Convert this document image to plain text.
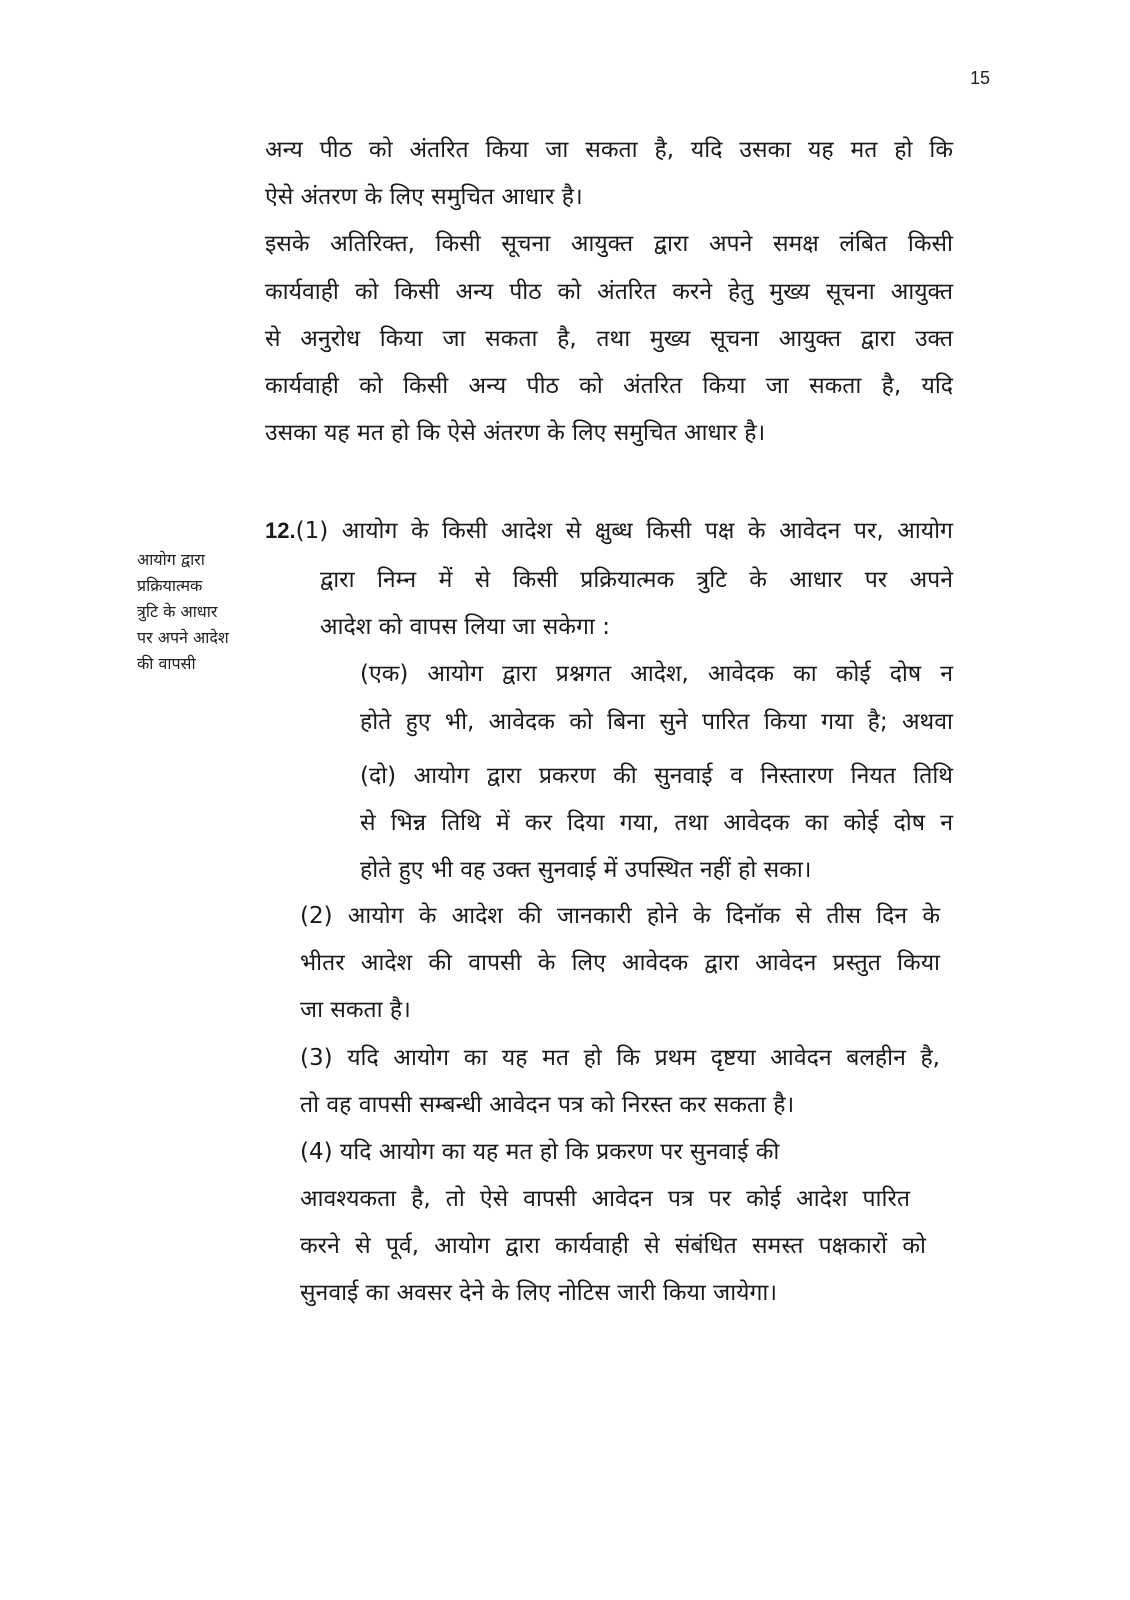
15
अन्य पीठ को अंतरित किया जा सकता है, यदि उसका यह मत हो कि
ऐसे अंतरण के लिए समुचित आधार है।
इसके अतिरिक्त, किसी सूचना आयुक्त द्वारा अपने समक्ष लंबित किसी
कार्यवाही को किसी अन्य पीठ को अंतरित करने हेतु मुख्य सूचना आयुक्त
से अनुरोध किया जा सकता है, तथा मुख्य सूचना आयुक्त द्वारा उक्त
कार्यवाही को किसी अन्य पीठ को अंतरित किया जा सकता है, यदि
उसका यह मत हो कि ऐसे अंतरण के लिए समुचित आधार है।
आयोग द्वारा
प्रक्रियात्मक
त्रुटि के आधार
पर अपने आदेश
की वापसी
12. (1) आयोग के किसी आदेश से क्षुब्ध किसी पक्ष के आवेदन पर, आयोग
द्वारा निम्न में से किसी प्रक्रियात्मक त्रुटि के आधार पर अपने
आदेश को वापस लिया जा सकेगा :
(एक) आयोग द्वारा प्रश्नगत आदेश, आवेदक का कोई दोष न
होते हुए भी, आवेदक को बिना सुने पारित किया गया है; अथवा
(दो) आयोग द्वारा प्रकरण की सुनवाई व निस्तारण नियत तिथि
से भिन्न तिथि में कर दिया गया, तथा आवेदक का कोई दोष न
होते हुए भी वह उक्त सुनवाई में उपस्थित नहीं हो सका।
(2) आयोग के आदेश की जानकारी होने के दिनॉक से तीस दिन के
भीतर आदेश की वापसी के लिए आवेदक द्वारा आवेदन प्रस्तुत किया
जा सकता है।
(3) यदि आयोग का यह मत हो कि प्रथम दृष्टया आवेदन बलहीन है,
तो वह वापसी सम्बन्धी आवेदन पत्र को निरस्त कर सकता है।
(4) यदि आयोग का यह मत हो कि प्रकरण पर सुनवाई की
आवश्यकता है, तो ऐसे वापसी आवेदन पत्र पर कोई आदेश पारित
करने से पूर्व, आयोग द्वारा कार्यवाही से संबंधित समस्त पक्षकारों को
सुनवाई का अवसर देने के लिए नोटिस जारी किया जायेगा।
